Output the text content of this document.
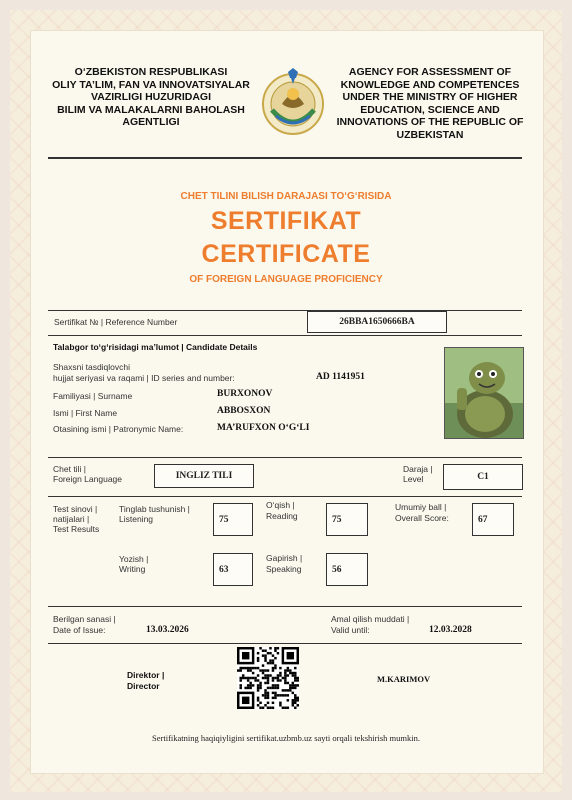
O‘ZBEKISTON RESPUBLIKASI
OLIY TA’LIM, FAN VA INNOVATSIYALAR
VAZIRLIGI HUZURIDAGI
BILIM VA MALAKALARNI BAHOLASH
AGENTLIGI
AGENCY FOR ASSESSMENT OF
KNOWLEDGE AND COMPETENCES
UNDER THE MINISTRY OF HIGHER
EDUCATION, SCIENCE AND
INNOVATIONS OF THE REPUBLIC OF
UZBEKISTAN
CHET TILINI BILISH DARAJASI TO‘G‘RISIDA
SERTIFIKAT
CERTIFICATE
OF FOREIGN LANGUAGE PROFICIENCY
Sertifikat № | Reference Number	26BBA1650666BA
Talabgor to‘g‘risidagi ma’lumot | Candidate Details
Shaxsni tasdiqlovchi
hujjat seriyasi va raqami | ID series and number:	AD 1141951
Familiyasi | Surname	BURXONOV
Ismi | First Name	ABBOSXON
Otasining ismi | Patronymic Name:	MA’RUFXON O‘G‘LI
Chet tili |
Foreign Language	INGLIZ TILI
Daraja |
Level	C1
Test sinovi |
natijalari |
Test Results
Tinglab tushunish |
Listening	75
O‘qish |
Reading	75
Umumiy ball |
Overall Score:	67
Yozish |
Writing	63
Gapirish |
Speaking	56
Berilgan sanasi |
Date of Issue:	13.03.2026
Amal qilish muddati |
Valid until:	12.03.2028
Direktor |
Director
M.KARIMOV
Sertifikatning haqiqiyligini sertifikat.uzbmb.uz sayti orqali tekshirish mumkin.
